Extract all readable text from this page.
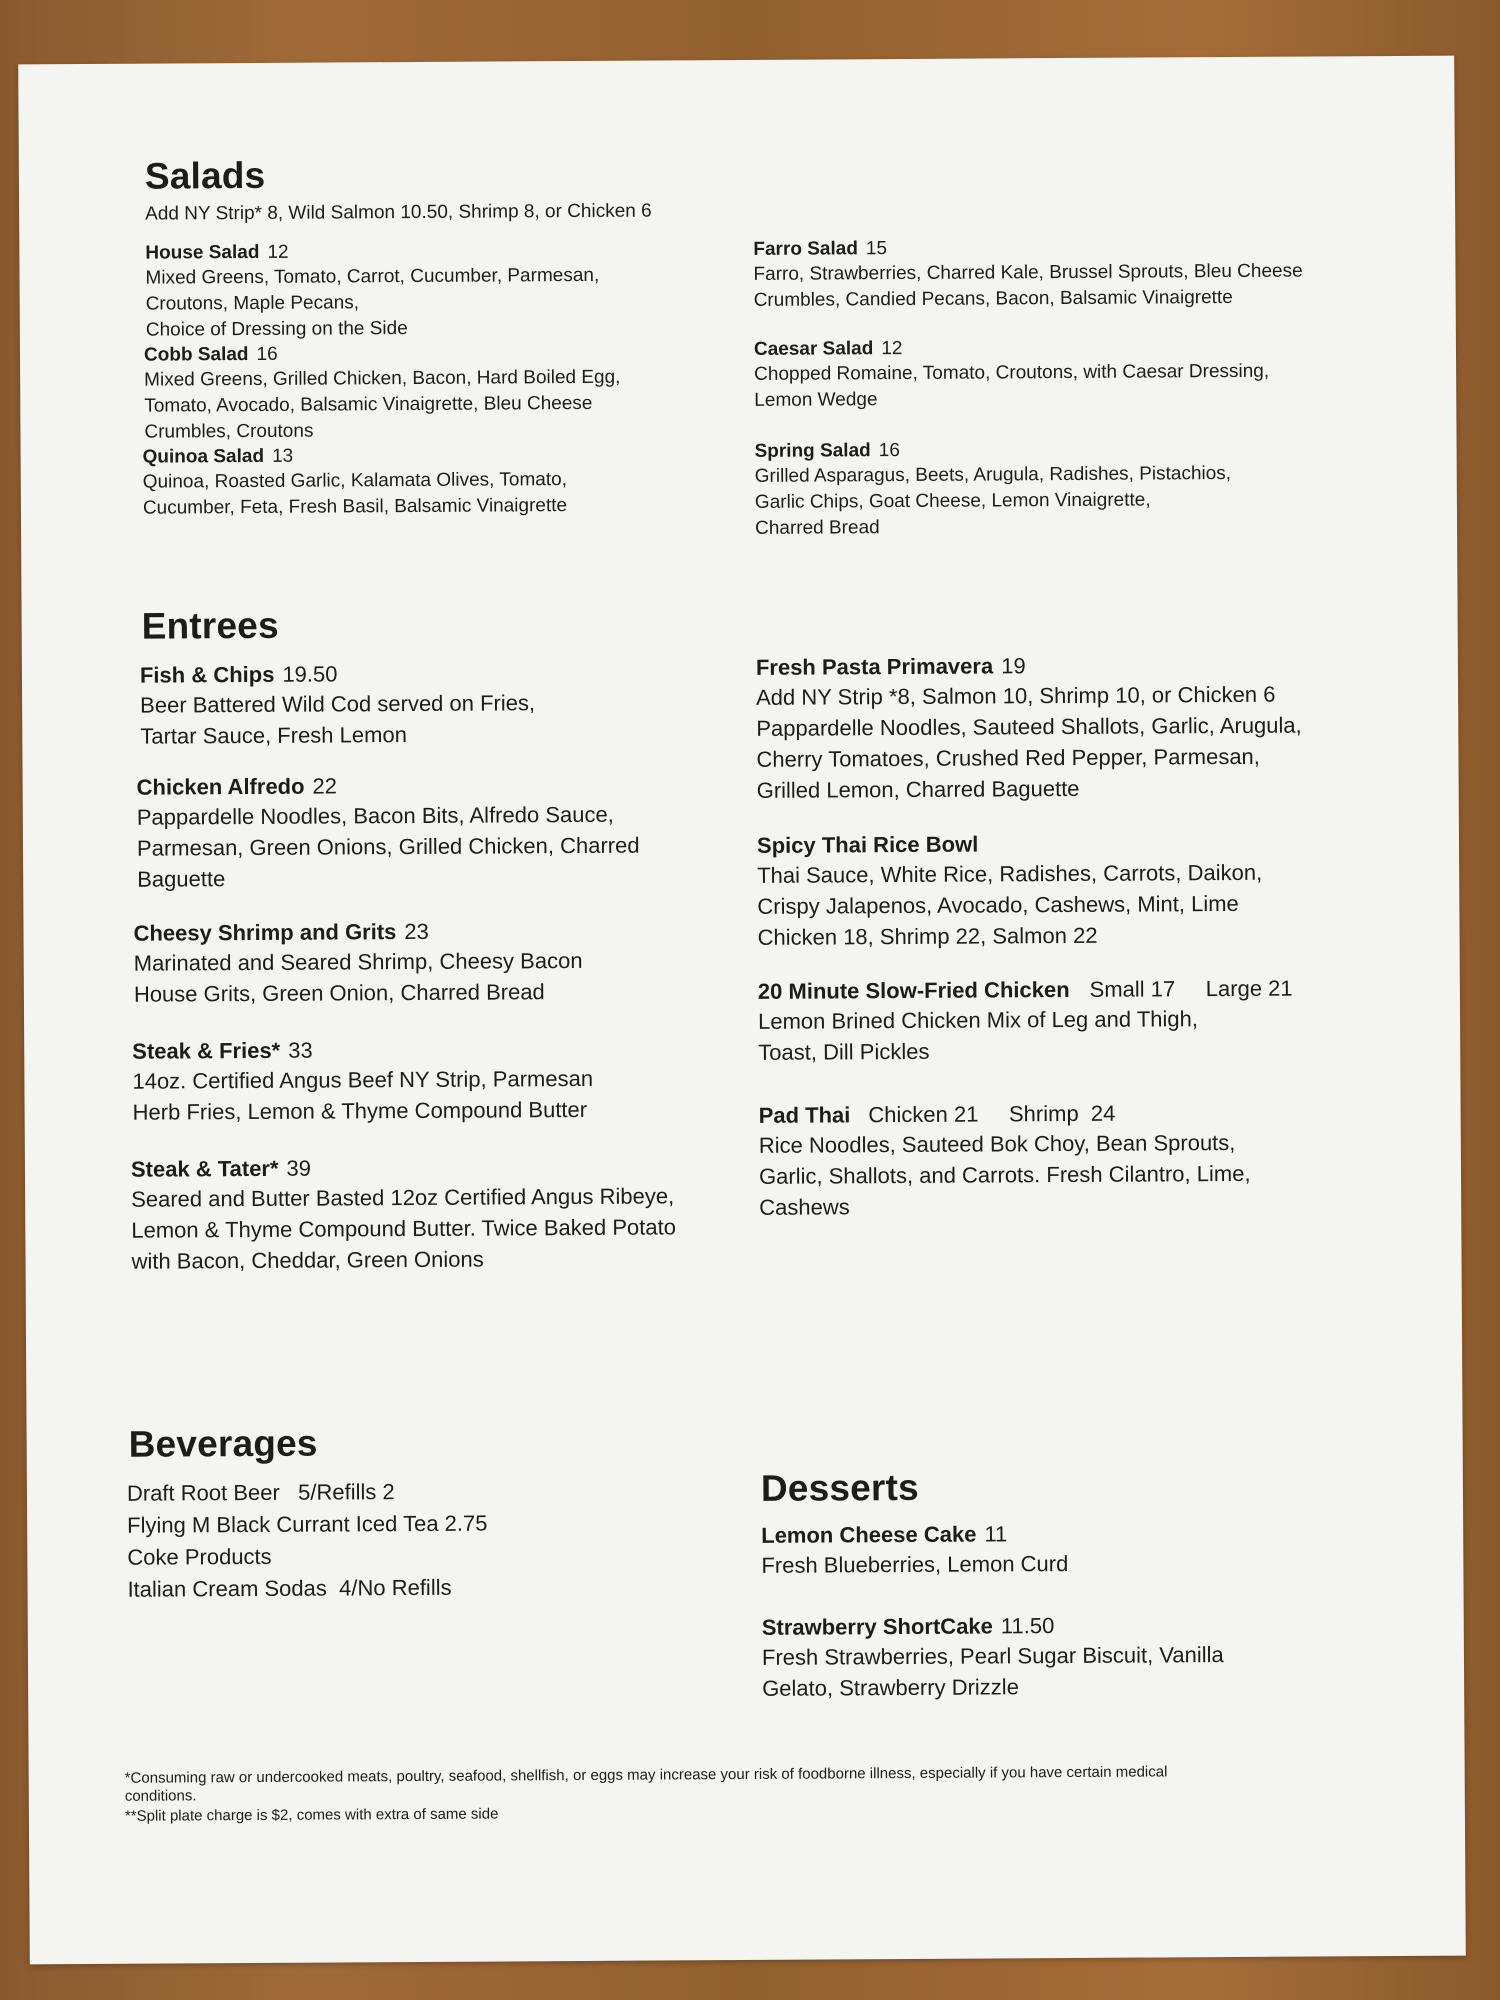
Salads
Add NY Strip* 8, Wild Salmon 10.50, Shrimp 8, or Chicken 6
House Salad 12
Mixed Greens, Tomato, Carrot, Cucumber, Parmesan,
Croutons, Maple Pecans,
Choice of Dressing on the Side
Cobb Salad 16
Mixed Greens, Grilled Chicken, Bacon, Hard Boiled Egg,
Tomato, Avocado, Balsamic Vinaigrette, Bleu Cheese
Crumbles, Croutons
Quinoa Salad 13
Quinoa, Roasted Garlic, Kalamata Olives, Tomato,
Cucumber, Feta, Fresh Basil, Balsamic Vinaigrette
Farro Salad 15
Farro, Strawberries, Charred Kale, Brussel Sprouts, Bleu Cheese
Crumbles, Candied Pecans, Bacon, Balsamic Vinaigrette
Caesar Salad 12
Chopped Romaine, Tomato, Croutons, with Caesar Dressing,
Lemon Wedge
Spring Salad 16
Grilled Asparagus, Beets, Arugula, Radishes, Pistachios,
Garlic Chips, Goat Cheese, Lemon Vinaigrette,
Charred Bread
Entrees
Fish & Chips 19.50
Beer Battered Wild Cod served on Fries,
Tartar Sauce, Fresh Lemon
Chicken Alfredo 22
Pappardelle Noodles, Bacon Bits, Alfredo Sauce,
Parmesan, Green Onions, Grilled Chicken, Charred
Baguette
Cheesy Shrimp and Grits 23
Marinated and Seared Shrimp, Cheesy Bacon
House Grits, Green Onion, Charred Bread
Steak & Fries* 33
14oz. Certified Angus Beef NY Strip, Parmesan
Herb Fries, Lemon & Thyme Compound Butter
Steak & Tater* 39
Seared and Butter Basted 12oz Certified Angus Ribeye,
Lemon & Thyme Compound Butter. Twice Baked Potato
with Bacon, Cheddar, Green Onions
Fresh Pasta Primavera 19
Add NY Strip *8, Salmon 10, Shrimp 10, or Chicken 6
Pappardelle Noodles, Sauteed Shallots, Garlic, Arugula,
Cherry Tomatoes, Crushed Red Pepper, Parmesan,
Grilled Lemon, Charred Baguette
Spicy Thai Rice Bowl
Thai Sauce, White Rice, Radishes, Carrots, Daikon,
Crispy Jalapenos, Avocado, Cashews, Mint, Lime
Chicken 18, Shrimp 22, Salmon 22
20 Minute Slow-Fried Chicken Small 17     Large 21
Lemon Brined Chicken Mix of Leg and Thigh,
Toast, Dill Pickles
Pad Thai Chicken 21     Shrimp  24
Rice Noodles, Sauteed Bok Choy, Bean Sprouts,
Garlic, Shallots, and Carrots. Fresh Cilantro, Lime,
Cashews
Beverages
Draft Root Beer   5/Refills 2
Flying M Black Currant Iced Tea 2.75
Coke Products
Italian Cream Sodas  4/No Refills
Desserts
Lemon Cheese Cake 11
Fresh Blueberries, Lemon Curd
Strawberry ShortCake 11.50
Fresh Strawberries, Pearl Sugar Biscuit, Vanilla
Gelato, Strawberry Drizzle
*Consuming raw or undercooked meats, poultry, seafood, shellfish, or eggs may increase your risk of foodborne illness, especially if you have certain medical
conditions.
**Split plate charge is $2, comes with extra of same side
